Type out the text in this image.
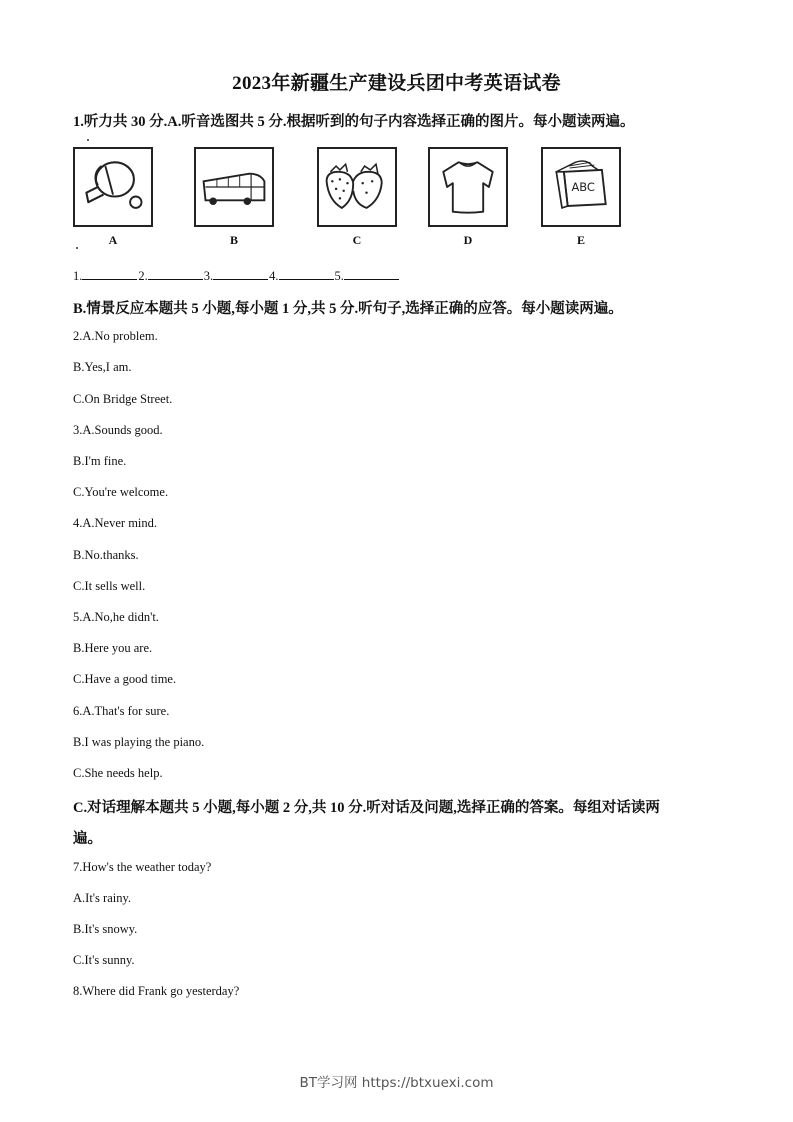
2023年新疆生产建设兵团中考英语试卷
1.听力共 30 分.A.听音选图共 5 分.根据听到的句子内容选择正确的图片。每小题读两遍。
A	B	C	D
ABC
E
1.	2.	3.	4.	5.
B.情景反应本题共 5 小题,每小题 1 分,共 5 分.听句子,选择正确的应答。每小题读两遍。
2.A.No problem.
B.Yes,I am.
C.On Bridge Street.
3.A.Sounds good.
B.I'm fine.
C.You're welcome.
4.A.Never mind.
B.No.thanks.
C.It sells well.
5.A.No,he didn't.
B.Here you are.
C.Have a good time.
6.A.That's for sure.
B.I was playing the piano.
C.She needs help.
C.对话理解本题共 5 小题,每小题 2 分,共 10 分.听对话及问题,选择正确的答案。每组对话读两
遍。
7.How's the weather today?
A.It's rainy.
B.It's snowy.
C.It's sunny.
8.Where did Frank go yesterday?
BT学习网 https://btxuexi.com
